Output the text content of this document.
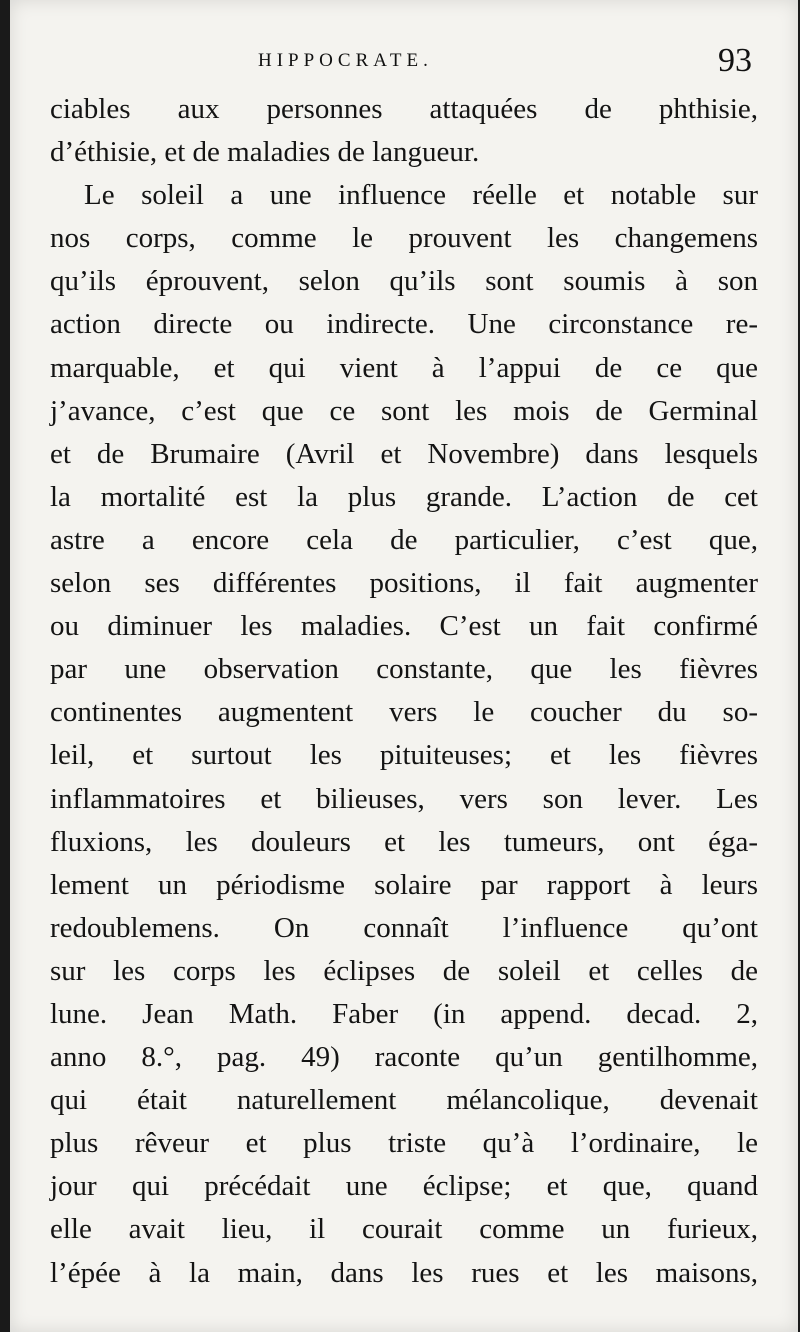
HIPPOCRATE.	93
ciables aux personnes attaquées de phthisie,
d’éthisie, et de maladies de langueur.
Le soleil a une influence réelle et notable sur
nos corps, comme le prouvent les changemens
qu’ils éprouvent, selon qu’ils sont soumis à son
action directe ou indirecte. Une circonstance re-
marquable, et qui vient à l’appui de ce que
j’avance, c’est que ce sont les mois de Germinal
et de Brumaire (Avril et Novembre) dans lesquels
la mortalité est la plus grande. L’action de cet
astre a encore cela de particulier, c’est que,
selon ses différentes positions, il fait augmenter
ou diminuer les maladies. C’est un fait confirmé
par une observation constante, que les fièvres
continentes augmentent vers le coucher du so-
leil, et surtout les pituiteuses; et les fièvres
inflammatoires et bilieuses, vers son lever. Les
fluxions, les douleurs et les tumeurs, ont éga-
lement un périodisme solaire par rapport à leurs
redoublemens. On connaît l’influence qu’ont
sur les corps les éclipses de soleil et celles de
lune. Jean Math. Faber (in append. decad. 2,
anno 8.°, pag. 49) raconte qu’un gentilhomme,
qui était naturellement mélancolique, devenait
plus rêveur et plus triste qu’à l’ordinaire, le
jour qui précédait une éclipse; et que, quand
elle avait lieu, il courait comme un furieux,
l’épée à la main, dans les rues et les maisons,
